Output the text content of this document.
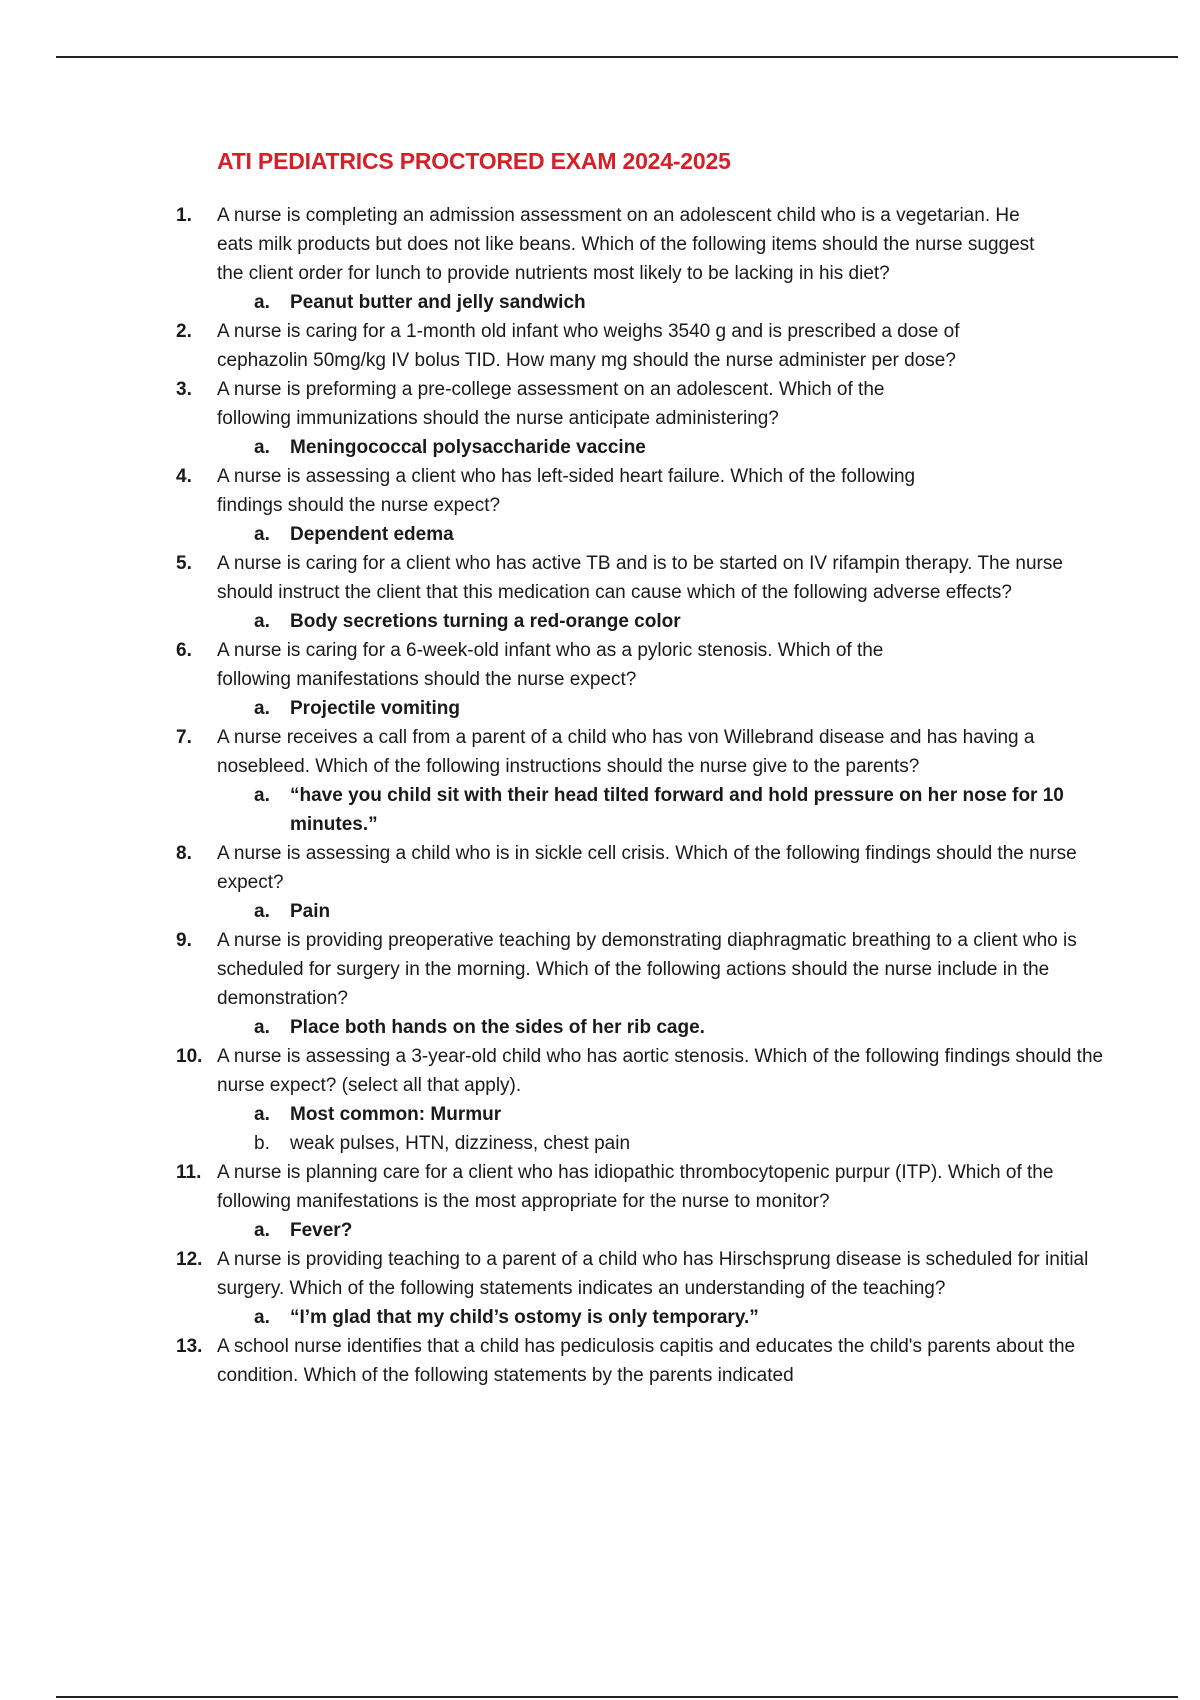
ATI PEDIATRICS PROCTORED EXAM 2024-2025
1.	A nurse is completing an admission assessment on an adolescent child who is a vegetarian. He eats milk products but does not like beans. Which of the following items should the nurse suggest the client order for lunch to provide nutrients most likely to be lacking in his diet?
a. Peanut butter and jelly sandwich
2.	A nurse is caring for a 1-month old infant who weighs 3540 g and is prescribed a dose of cephazolin 50mg/kg IV bolus TID. How many mg should the nurse administer per dose?
3.	A nurse is preforming a pre-college assessment on an adolescent. Which of the following immunizations should the nurse anticipate administering?
a. Meningococcal polysaccharide vaccine
4.	A nurse is assessing a client who has left-sided heart failure. Which of the following findings should the nurse expect?
a. Dependent edema
5.	A nurse is caring for a client who has active TB and is to be started on IV rifampin therapy. The nurse should instruct the client that this medication can cause which of the following adverse effects?
a. Body secretions turning a red-orange color
6.	A nurse is caring for a 6-week-old infant who as a pyloric stenosis. Which of the following manifestations should the nurse expect?
a. Projectile vomiting
7.	A nurse receives a call from a parent of a child who has von Willebrand disease and has having a nosebleed. Which of the following instructions should the nurse give to the parents?
a. “have you child sit with their head tilted forward and hold pressure on her nose for 10 minutes.”
8.	A nurse is assessing a child who is in sickle cell crisis. Which of the following findings should the nurse expect?
a. Pain
9.	A nurse is providing preoperative teaching by demonstrating diaphragmatic breathing to a client who is scheduled for surgery in the morning. Which of the following actions should the nurse include in the demonstration?
a. Place both hands on the sides of her rib cage.
10. A nurse is assessing a 3-year-old child who has aortic stenosis. Which of the following findings should the nurse expect? (select all that apply).
a. Most common: Murmur
b. weak pulses, HTN, dizziness, chest pain
11. A nurse is planning care for a client who has idiopathic thrombocytopenic purpur (ITP). Which of the following manifestations is the most appropriate for the nurse to monitor?
a. Fever?
12. A nurse is providing teaching to a parent of a child who has Hirschsprung disease is scheduled for initial surgery. Which of the following statements indicates an understanding of the teaching?
a. “I’m glad that my child’s ostomy is only temporary.”
13. A school nurse identifies that a child has pediculosis capitis and educates the child's parents about the condition. Which of the following statements by the parents indicated
